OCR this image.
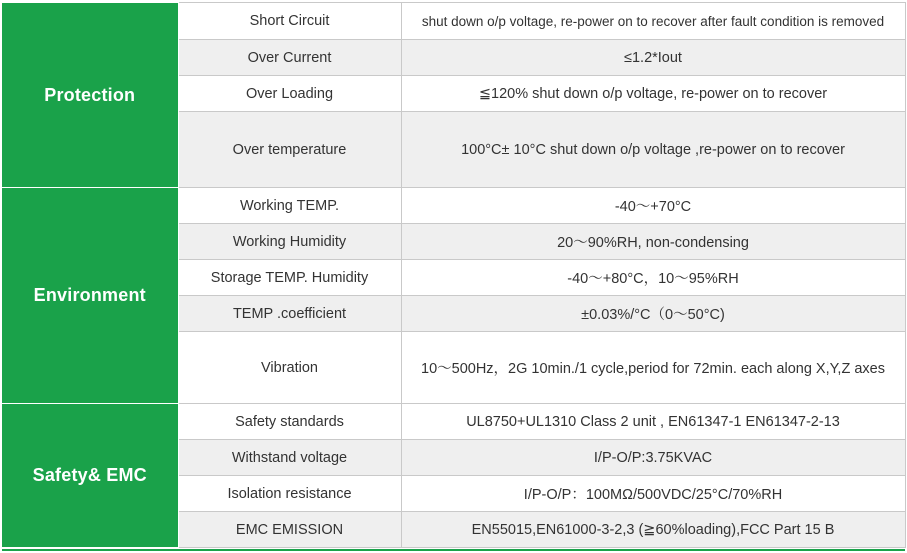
Protection	Short Circuit	shut down o/p voltage, re-power on to recover after fault condition is removed
	Over Current	≤1.2*Iout
	Over Loading	≦120% shut down o/p voltage, re-power on to recover
	Over temperature	100°C± 10°C shut down o/p voltage ,re-power on to recover
Environment	Working TEMP.	-40～+70°C
	Working Humidity	20～90%RH, non-condensing
	Storage TEMP. Humidity	-40～+80°C，10～95%RH
	TEMP .coefficient	±0.03%/°C（0～50°C)
	Vibration	10～500Hz，2G 10min./1 cycle,period for 72min. each along X,Y,Z axes
Safety& EMC	Safety standards	UL8750+UL1310 Class 2 unit , EN61347-1 EN61347-2-13
	Withstand voltage	I/P-O/P:3.75KVAC
	Isolation resistance	I/P-O/P：100MΩ/500VDC/25°C/70%RH
	EMC EMISSION	EN55015,EN61000-3-2,3 (≧60%loading),FCC Part 15 B
